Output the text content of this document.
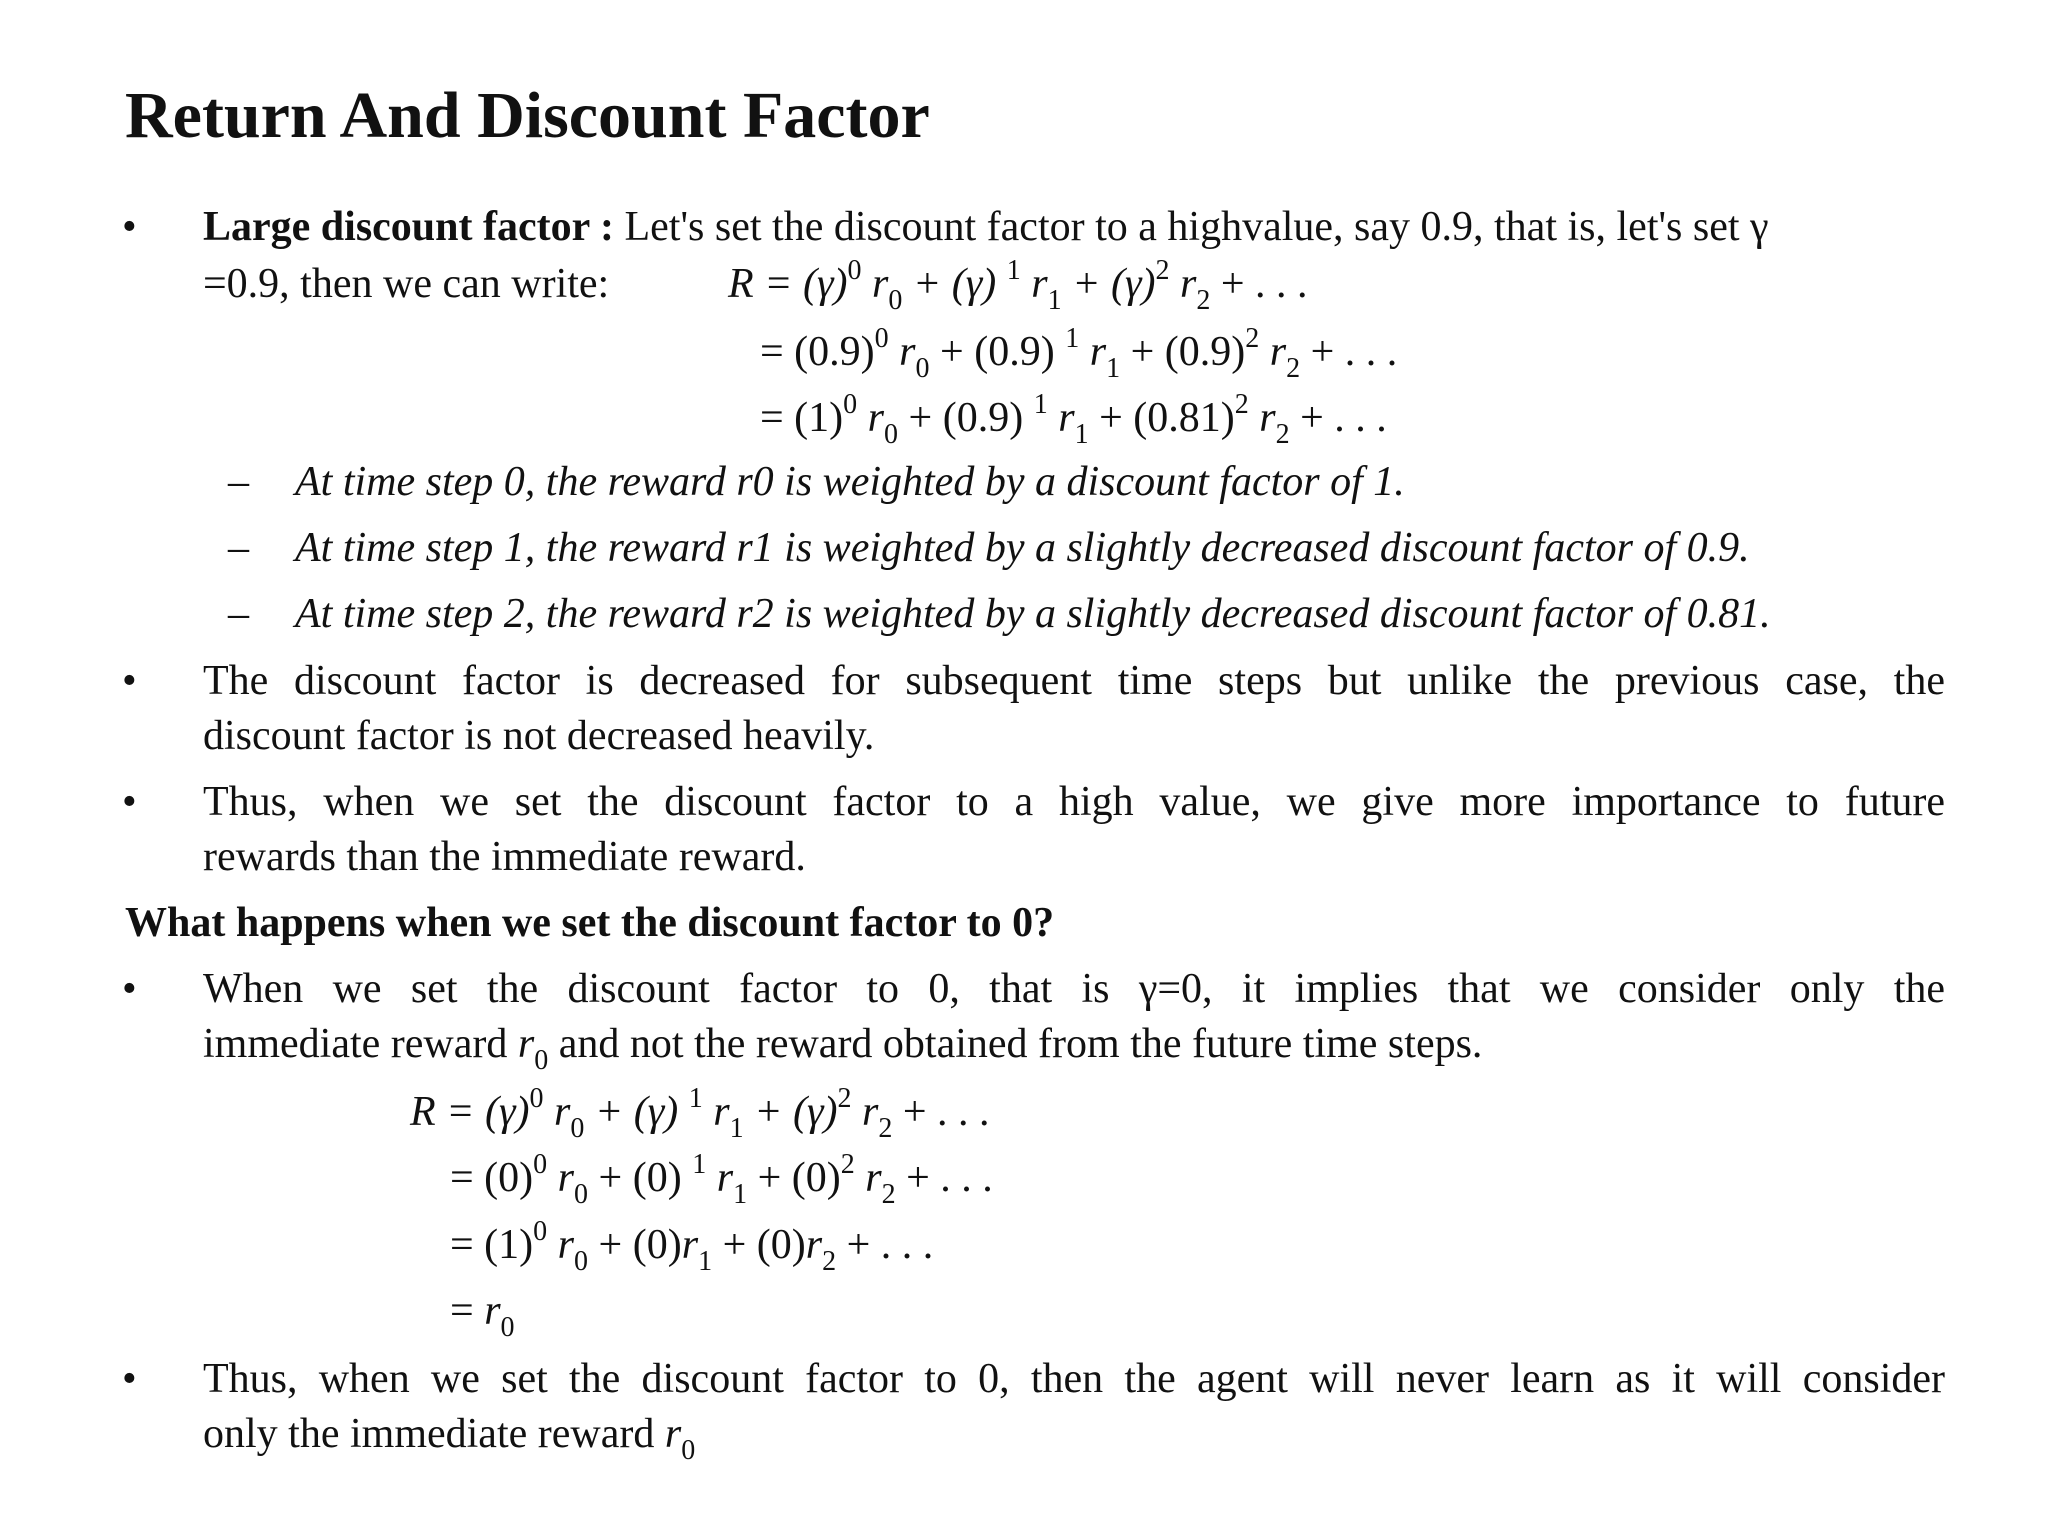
Return And Discount Factor
• Large discount factor : Let's set the discount factor to a highvalue, say 0.9, that is, let's set γ
=0.9, then we can write:	$R = (\gamma)^0$ $r_0 + (\gamma)$ $^1$ $r_1 + (\gamma)^2$ $r_2$ + . . .
= $(0.9)^0$ $r_0 + (0.9)$ $^1$ $r_1 + (0.9)^2$ $r_2$ + . . .
= $(1)^0$ $r_0 + (0.9)$ $^1$ $r_1 + (0.81)^2$ $r_2$ + . . .
– At time step 0, the reward r0 is weighted by a discount factor of 1.
– At time step 1, the reward r1 is weighted by a slightly decreased discount factor of 0.9.
– At time step 2, the reward r2 is weighted by a slightly decreased discount factor of 0.81.
• The discount factor is decreased for subsequent time steps but unlike the previous case, the
discount factor is not decreased heavily.
• Thus, when we set the discount factor to a high value, we give more importance to future
rewards than the immediate reward.
What happens when we set the discount factor to 0?
• When we set the discount factor to 0, that is γ=0, it implies that we consider only the
immediate reward $r_0$ and not the reward obtained from the future time steps.
$R = (\gamma)^0$ $r_0 + (\gamma)$ $^1$ $r_1 + (\gamma)^2$ $r_2$ + . . .
= $(0)^0$ $r_0 + (0)$ $^1$ $r_1 + (0)^2$ $r_2$ + . . .
= $(1)^0$ $r_0 + (0)r_1 + (0)r_2$ + . . .
= $r_0$
• Thus, when we set the discount factor to 0, then the agent will never learn as it will consider
only the immediate reward $r_0$
